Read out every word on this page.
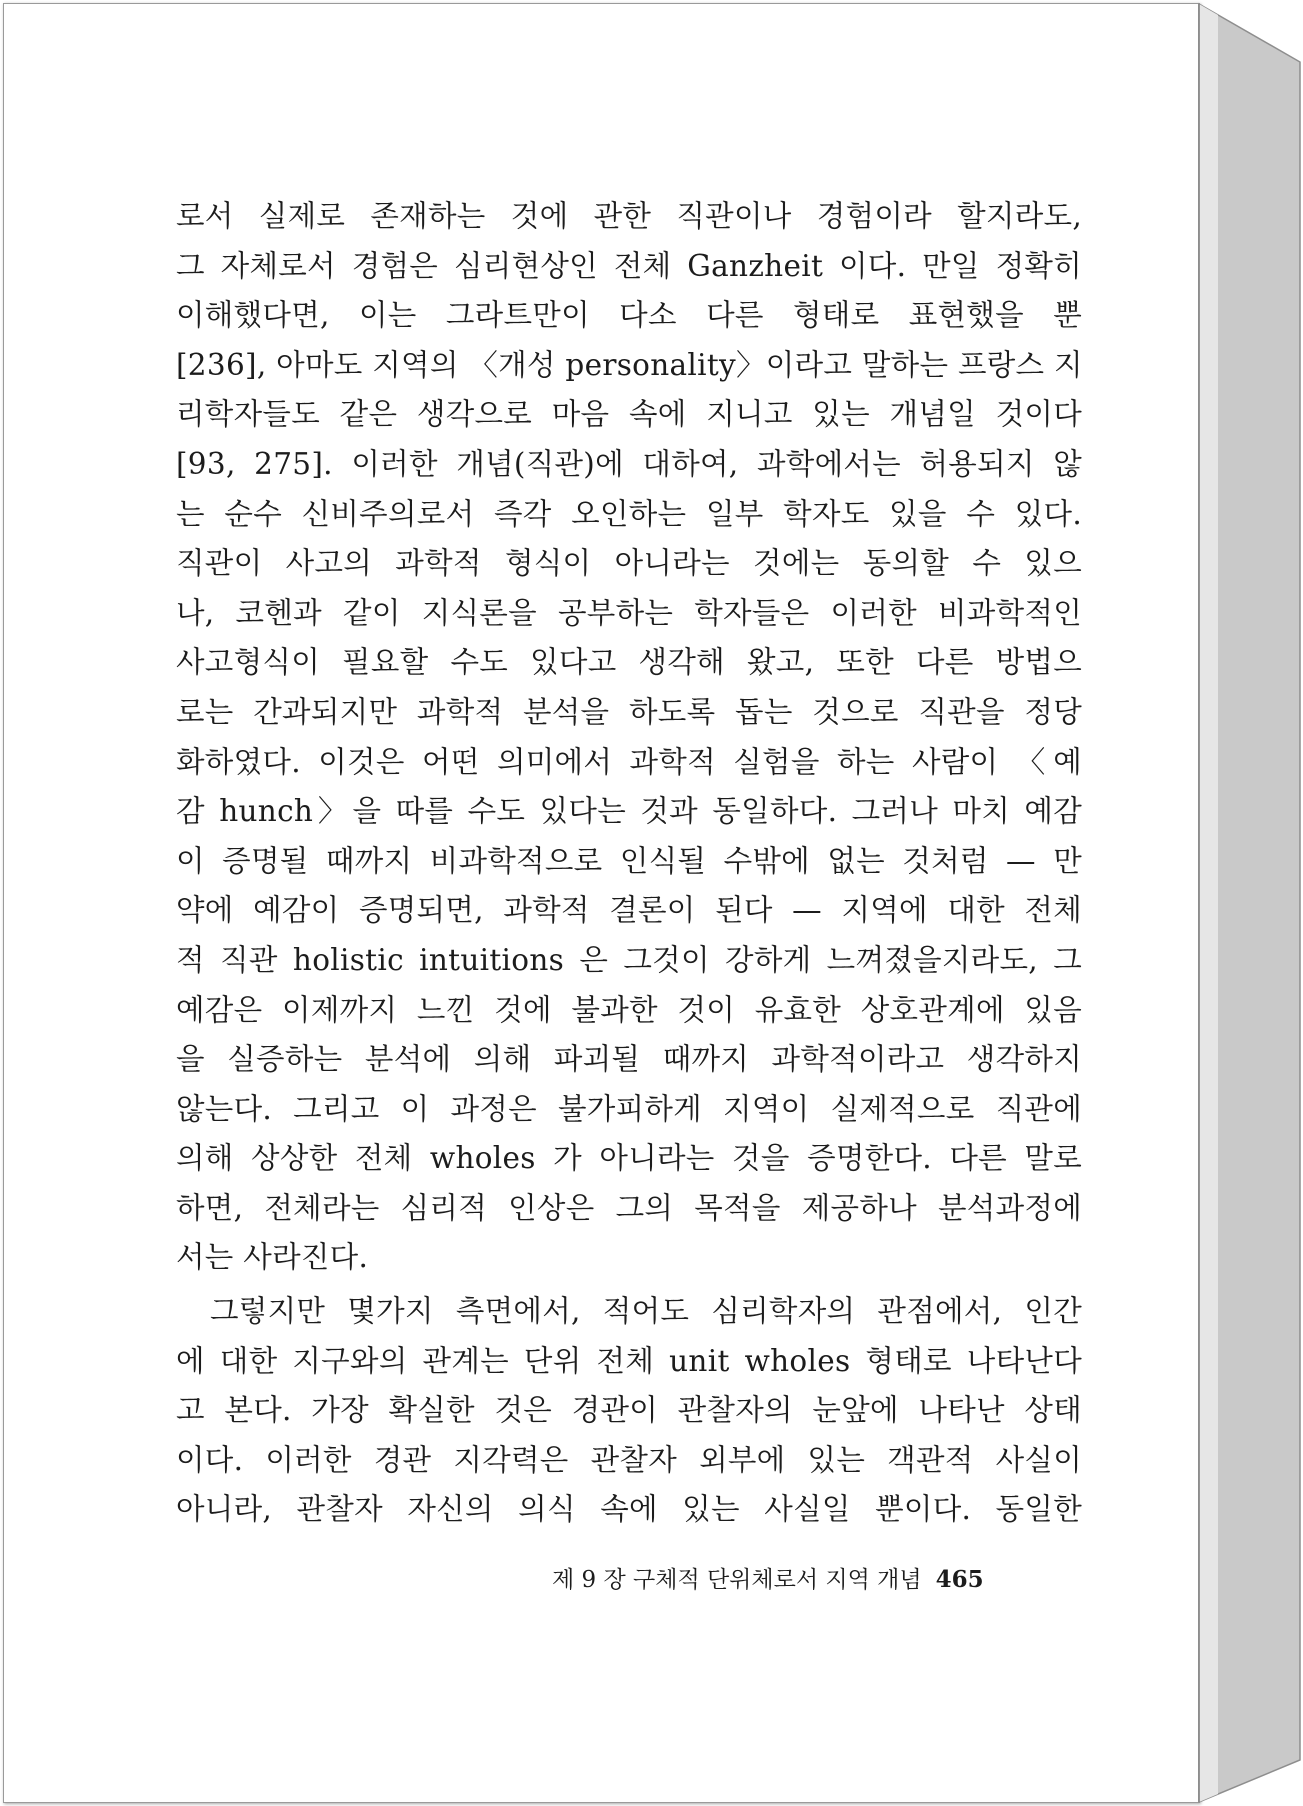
로서 실제로 존재하는 것에 관한 직관이나 경험이라 할지라도,
그 자체로서 경험은 심리현상인 전체 Ganzheit 이다. 만일 정확히
이해했다면, 이는 그라트만이 다소 다른 형태로 표현했을 뿐
[236], 아마도 지역의 〈개성 personality〉이라고 말하는 프랑스 지
리학자들도 같은 생각으로 마음 속에 지니고 있는 개념일 것이다
[93, 275]. 이러한 개념(직관)에 대하여, 과학에서는 허용되지 않
는 순수 신비주의로서 즉각 오인하는 일부 학자도 있을 수 있다.
직관이 사고의 과학적 형식이 아니라는 것에는 동의할 수 있으
나, 코헨과 같이 지식론을 공부하는 학자들은 이러한 비과학적인
사고형식이 필요할 수도 있다고 생각해 왔고, 또한 다른 방법으
로는 간과되지만 과학적 분석을 하도록 돕는 것으로 직관을 정당
화하였다. 이것은 어떤 의미에서 과학적 실험을 하는 사람이 〈예
감 hunch〉을 따를 수도 있다는 것과 동일하다. 그러나 마치 예감
이 증명될 때까지 비과학적으로 인식될 수밖에 없는 것처럼 — 만
약에 예감이 증명되면, 과학적 결론이 된다 — 지역에 대한 전체
적 직관 holistic intuitions 은 그것이 강하게 느껴졌을지라도, 그
예감은 이제까지 느낀 것에 불과한 것이 유효한 상호관계에 있음
을 실증하는 분석에 의해 파괴될 때까지 과학적이라고 생각하지
않는다. 그리고 이 과정은 불가피하게 지역이 실제적으로 직관에
의해 상상한 전체 wholes 가 아니라는 것을 증명한다. 다른 말로
하면, 전체라는 심리적 인상은 그의 목적을 제공하나 분석과정에
서는 사라진다.
그렇지만 몇가지 측면에서, 적어도 심리학자의 관점에서, 인간
에 대한 지구와의 관계는 단위 전체 unit wholes 형태로 나타난다
고 본다. 가장 확실한 것은 경관이 관찰자의 눈앞에 나타난 상태
이다. 이러한 경관 지각력은 관찰자 외부에 있는 객관적 사실이
아니라, 관찰자 자신의 의식 속에 있는 사실일 뿐이다. 동일한
제 9 장 구체적 단위체로서 지역 개념 465
